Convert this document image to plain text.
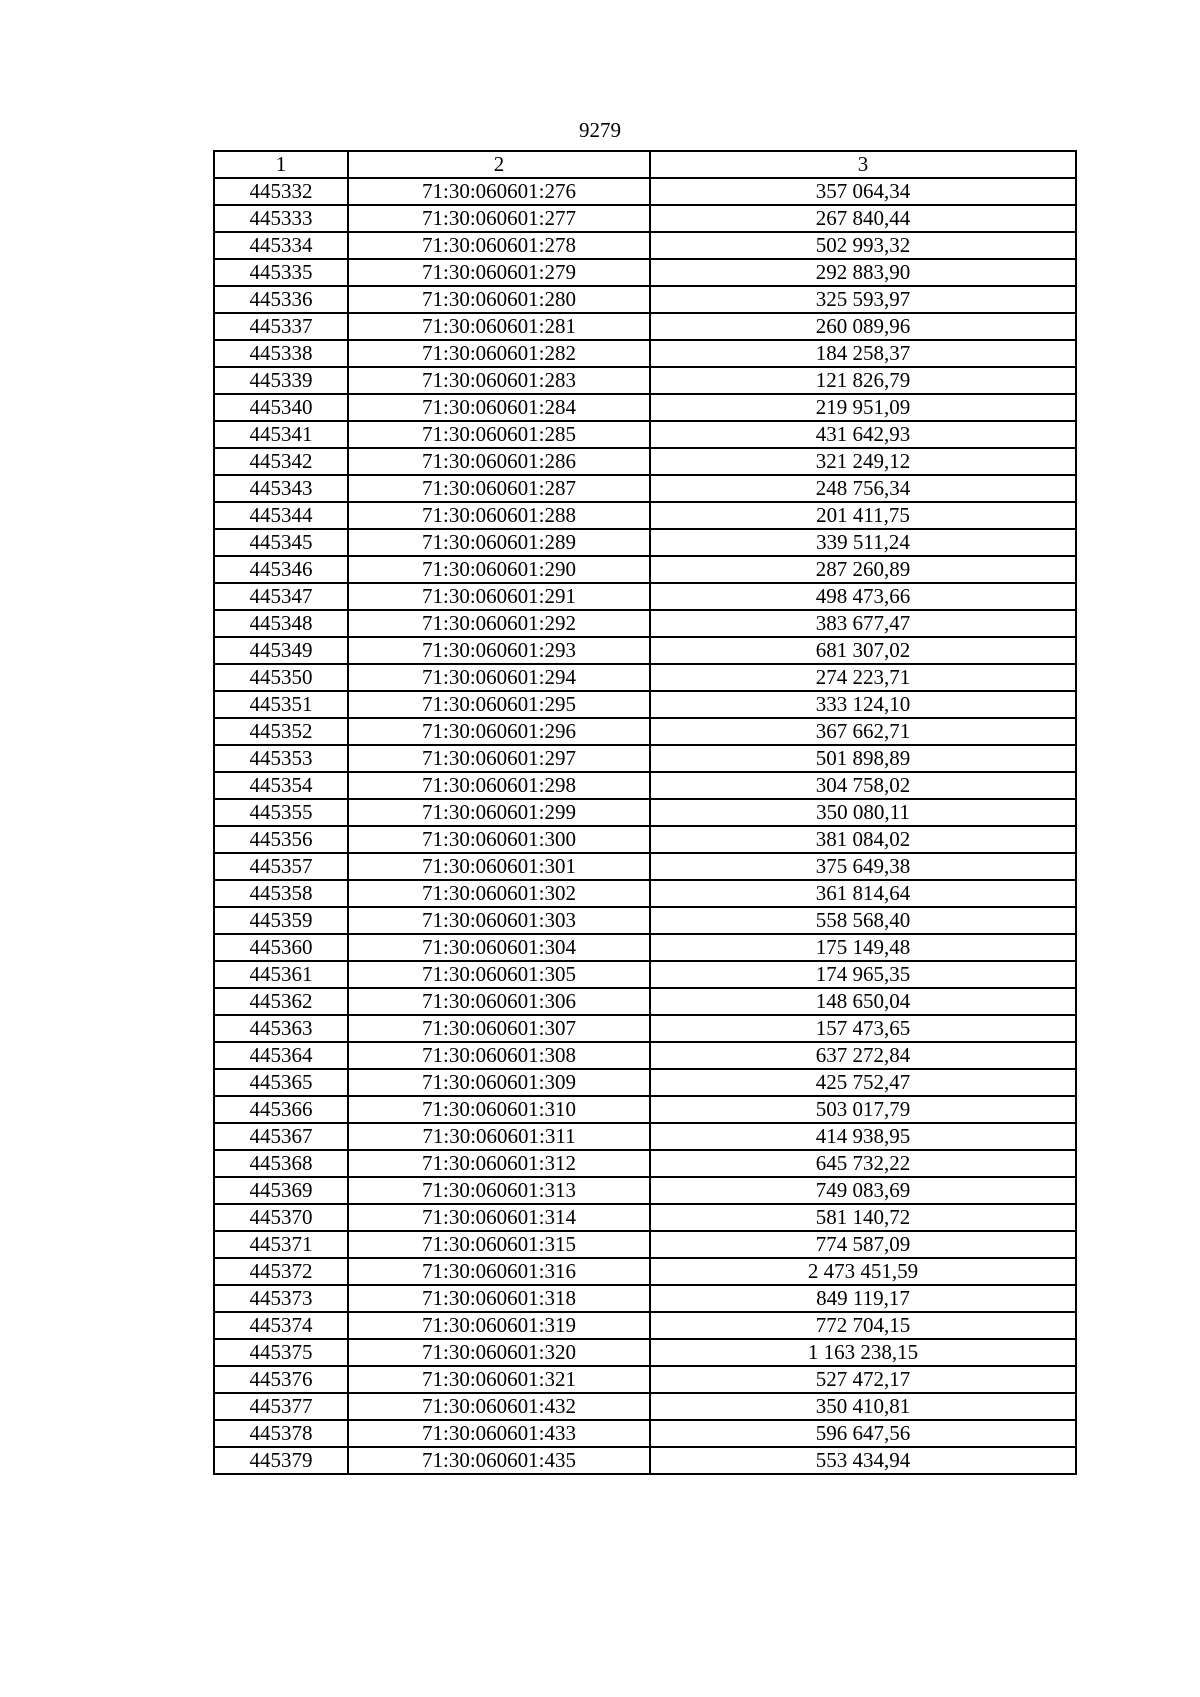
9279
1	2	3
445332	71:30:060601:276	357 064,34
445333	71:30:060601:277	267 840,44
445334	71:30:060601:278	502 993,32
445335	71:30:060601:279	292 883,90
445336	71:30:060601:280	325 593,97
445337	71:30:060601:281	260 089,96
445338	71:30:060601:282	184 258,37
445339	71:30:060601:283	121 826,79
445340	71:30:060601:284	219 951,09
445341	71:30:060601:285	431 642,93
445342	71:30:060601:286	321 249,12
445343	71:30:060601:287	248 756,34
445344	71:30:060601:288	201 411,75
445345	71:30:060601:289	339 511,24
445346	71:30:060601:290	287 260,89
445347	71:30:060601:291	498 473,66
445348	71:30:060601:292	383 677,47
445349	71:30:060601:293	681 307,02
445350	71:30:060601:294	274 223,71
445351	71:30:060601:295	333 124,10
445352	71:30:060601:296	367 662,71
445353	71:30:060601:297	501 898,89
445354	71:30:060601:298	304 758,02
445355	71:30:060601:299	350 080,11
445356	71:30:060601:300	381 084,02
445357	71:30:060601:301	375 649,38
445358	71:30:060601:302	361 814,64
445359	71:30:060601:303	558 568,40
445360	71:30:060601:304	175 149,48
445361	71:30:060601:305	174 965,35
445362	71:30:060601:306	148 650,04
445363	71:30:060601:307	157 473,65
445364	71:30:060601:308	637 272,84
445365	71:30:060601:309	425 752,47
445366	71:30:060601:310	503 017,79
445367	71:30:060601:311	414 938,95
445368	71:30:060601:312	645 732,22
445369	71:30:060601:313	749 083,69
445370	71:30:060601:314	581 140,72
445371	71:30:060601:315	774 587,09
445372	71:30:060601:316	2 473 451,59
445373	71:30:060601:318	849 119,17
445374	71:30:060601:319	772 704,15
445375	71:30:060601:320	1 163 238,15
445376	71:30:060601:321	527 472,17
445377	71:30:060601:432	350 410,81
445378	71:30:060601:433	596 647,56
445379	71:30:060601:435	553 434,94
